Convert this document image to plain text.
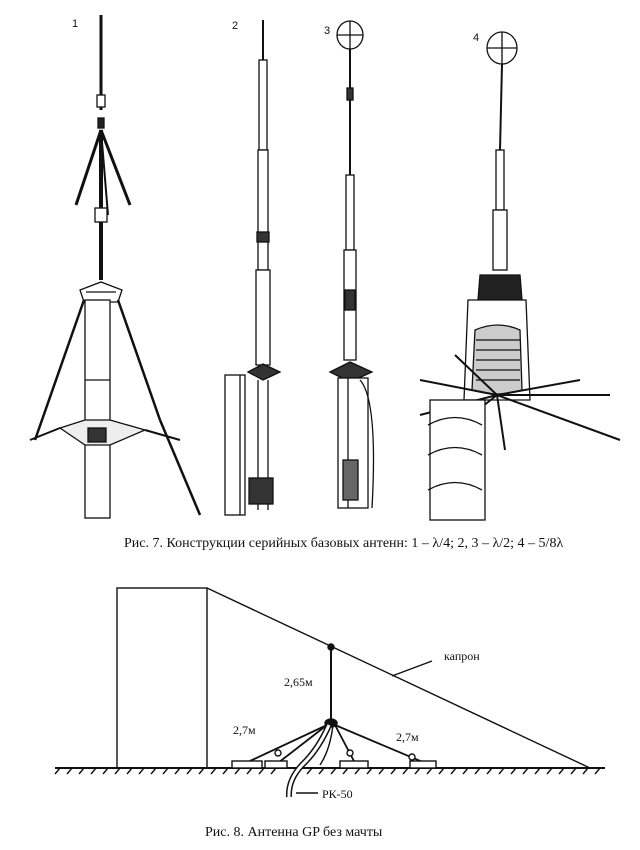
1	2	3
4
Рис. 7. Конструкции серийных базовых антенн: 1 – λ/4; 2, 3 – λ/2; 4 – 5/8λ
капрон
2,65м
2,7м	2,7м
РК-50
Рис. 8. Антенна GP без мачты
